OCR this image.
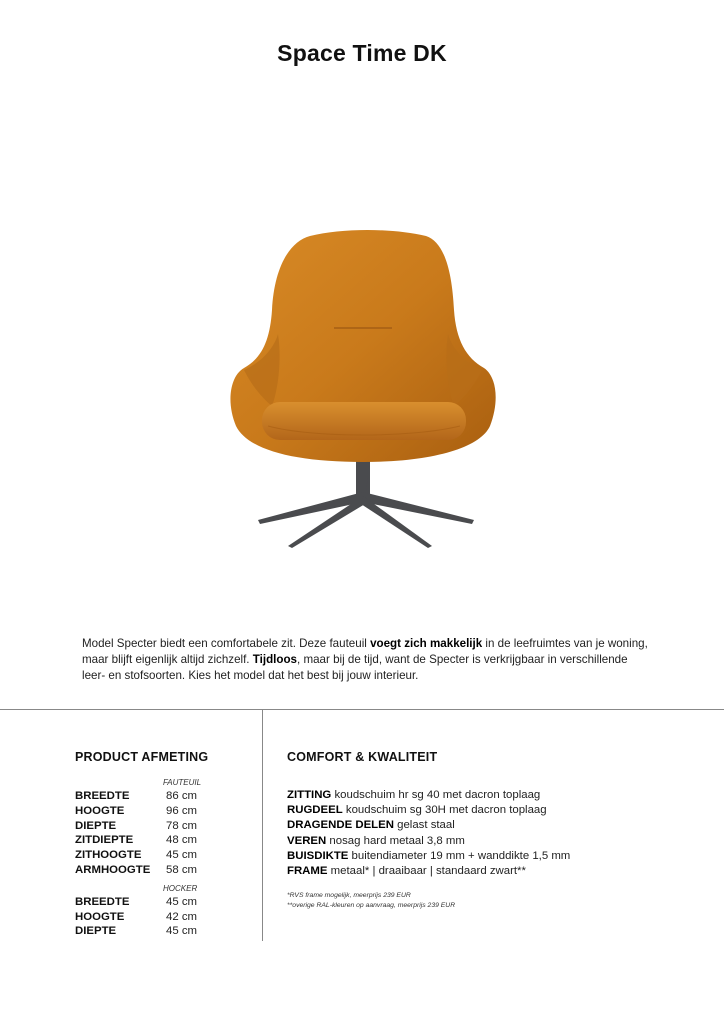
Space Time DK
Model Specter biedt een comfortabele zit. Deze fauteuil voegt zich makkelijk in de leefruimtes van je woning, maar blijft eigenlijk altijd zichzelf. Tijdloos, maar bij de tijd, want de Specter is verkrijgbaar in verschillende leer- en stofsoorten. Kies het model dat het best bij jouw interieur.
PRODUCT AFMETING	COMFORT & KWALITEIT
FAUTEUIL
BREEDTE	86 cm
HOOGTE	96 cm
DIEPTE	78 cm
ZITDIEPTE	48 cm
ZITHOOGTE	45 cm
ARMHOOGTE	58 cm
HOCKER
BREEDTE	45 cm
HOOGTE	42 cm
DIEPTE	45 cm
ZITTING koudschuim hr sg 40 met dacron toplaag
RUGDEEL koudschuim sg 30H met dacron toplaag
DRAGENDE DELEN gelast staal
VEREN nosag hard metaal 3,8 mm
BUISDIKTE buitendiameter 19 mm + wanddikte 1,5 mm
FRAME metaal* | draaibaar | standaard zwart**
*RVS frame mogelijk, meerprijs 239 EUR
**overige RAL-kleuren op aanvraag, meerprijs 239 EUR
